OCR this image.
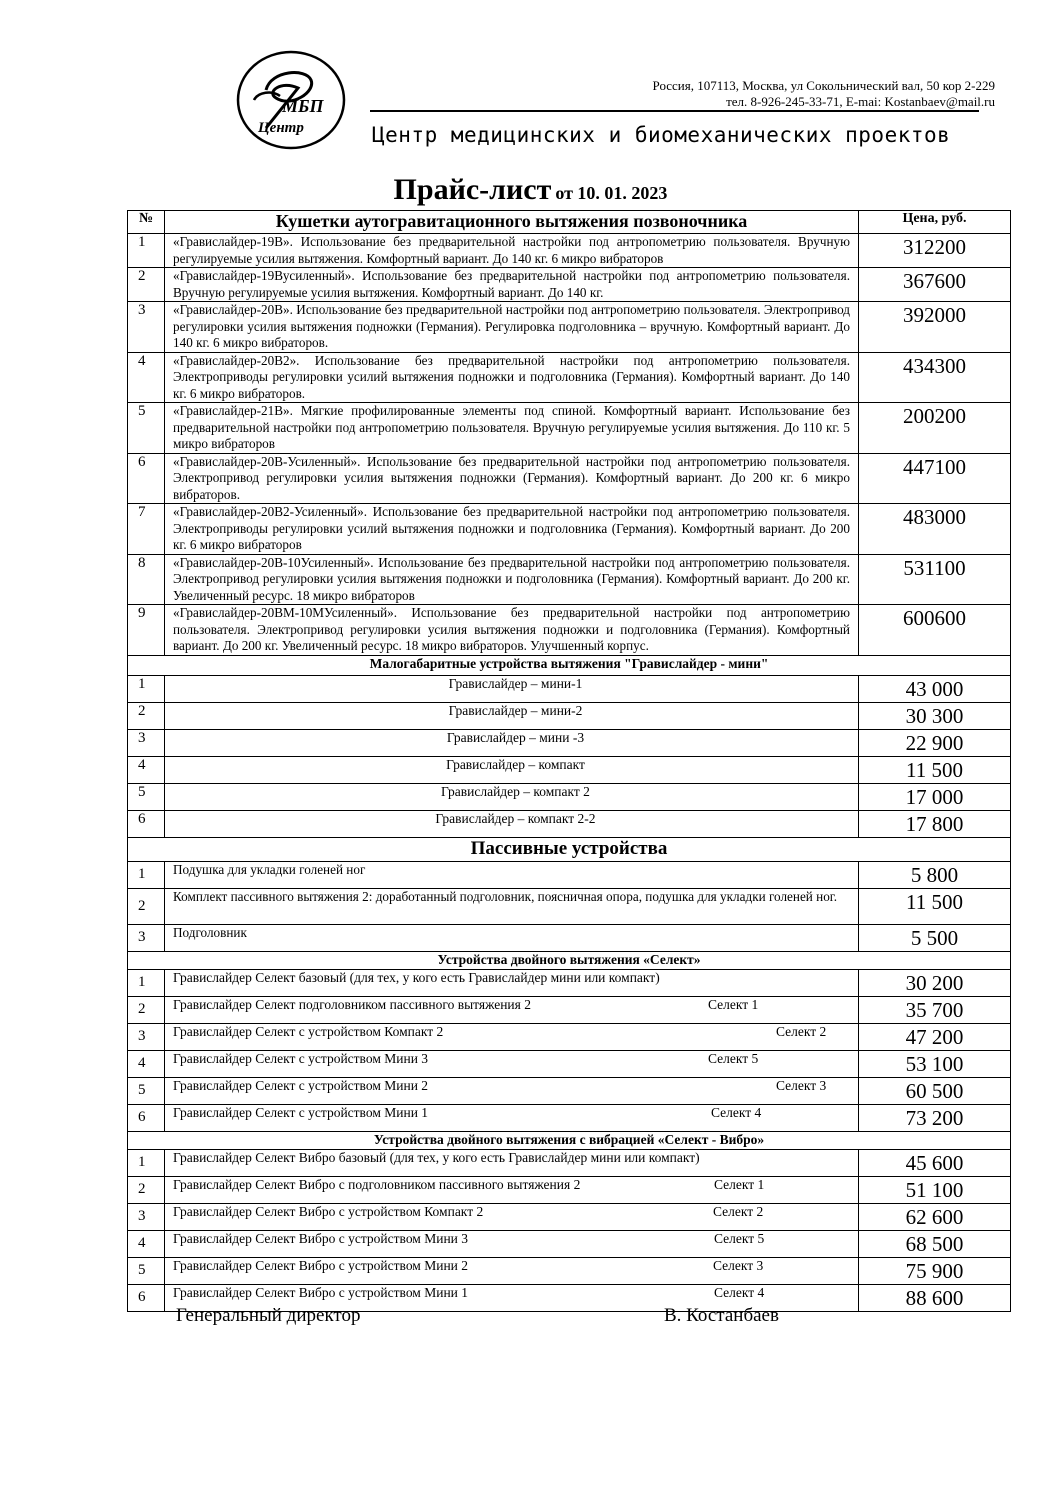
МБП
Центр
Россия, 107113, Москва, ул Сокольнический вал, 50 кор 2-229
тел. 8-926-245-33-71, E-mai: Kostanbaev@mail.ru
Центр медицинских и биомеханических проектов
Прайс-лист от 10. 01. 2023
№	Кушетки аутогравитационного вытяжения позвоночника	Цена, руб.
1	«Гравислайдер-19В». Использование без предварительной настройки под антропометрию пользователя. Вручную регулируемые усилия вытяжения. Комфортный вариант. До 140 кг. 6 микро вибраторов	312200
2	«Гравислайдер-19Вусиленный». Использование без предварительной настройки под антропометрию пользователя. Вручную регулируемые усилия вытяжения. Комфортный вариант. До 140 кг.	367600
3	«Гравислайдер-20В». Использование без предварительной настройки под антропометрию пользователя. Электропривод регулировки усилия вытяжения подножки (Германия). Регулировка подголовника – вручную. Комфортный вариант. До 140 кг. 6 микро вибраторов.	392000
4	«Гравислайдер-20В2». Использование без предварительной настройки под антропометрию пользователя. Электроприводы регулировки усилий вытяжения подножки и подголовника (Германия). Комфортный вариант. До 140 кг. 6 микро вибраторов.	434300
5	«Гравислайдер-21В». Мягкие профилированные элементы под спиной. Комфортный вариант. Использование без предварительной настройки под антропометрию пользователя. Вручную регулируемые усилия вытяжения. До 110 кг. 5 микро вибраторов	200200
6	«Гравислайдер-20В-Усиленный». Использование без предварительной настройки под антропометрию пользователя. Электропривод регулировки усилия вытяжения подножки (Германия). Комфортный вариант. До 200 кг. 6 микро вибраторов.	447100
7	«Гравислайдер-20В2-Усиленный». Использование без предварительной настройки под антропометрию пользователя. Электроприводы регулировки усилий вытяжения подножки и подголовника (Германия). Комфортный вариант. До 200 кг. 6 микро вибраторов	483000
8	«Гравислайдер-20В-10Усиленный». Использование без предварительной настройки под антропометрию пользователя. Электропривод регулировки усилия вытяжения подножки и подголовника (Германия). Комфортный вариант. До 200 кг. Увеличенный ресурс. 18 микро вибраторов	531100
9	«Гравислайдер-20ВМ-10МУсиленный». Использование без предварительной настройки под антропометрию пользователя. Электропривод регулировки усилия вытяжения подножки и подголовника (Германия). Комфортный вариант. До 200 кг. Увеличенный ресурс. 18 микро вибраторов. Улучшенный корпус.	600600
Малогабаритные устройства вытяжения "Гравислайдер - мини"		
1	Гравислайдер – мини-1	43 000
2	Гравислайдер – мини-2	30 300
3	Гравислайдер – мини -3	22 900
4	Гравислайдер – компакт	11 500
5	Гравислайдер – компакт 2	17 000
6	Гравислайдер – компакт 2-2	17 800
Пассивные устройства		
1	Подушка для укладки голеней ног	5 800
2	Комплект пассивного вытяжения 2: доработанный подголовник, поясничная опора, подушка для укладки голеней ног.	11 500
3	Подголовник	5 500
Устройства двойного вытяжения «Селект»		
1	Гравислайдер Селект базовый (для тех, у кого есть Гравислайдер мини или компакт)	30 200
2	Гравислайдер Селект подголовником пассивного вытяжения 2 Селект 1	35 700
3	Гравислайдер Селект с устройством Компакт 2 Селект 2	47 200
4	Гравислайдер Селект с устройством Мини 3 Селект 5	53 100
5	Гравислайдер Селект с устройством Мини 2 Селект 3	60 500
6	Гравислайдер Селект с устройством Мини 1 Селект 4	73 200
Устройства двойного вытяжения с вибрацией «Селект - Вибро»		
1	Гравислайдер Селект Вибро базовый (для тех, у кого есть Гравислайдер мини или компакт)	45 600
2	Гравислайдер Селект Вибро с подголовником пассивного вытяжения 2 Селект 1	51 100
3	Гравислайдер Селект Вибро с устройством Компакт 2 Селект 2	62 600
4	Гравислайдер Селект Вибро с устройством Мини 3 Селект 5	68 500
5	Гравислайдер Селект Вибро с устройством Мини 2 Селект 3	75 900
6	Гравислайдер Селект Вибро с устройством Мини 1 Селект 4	88 600
Генеральный директор	В. Костанбаев
